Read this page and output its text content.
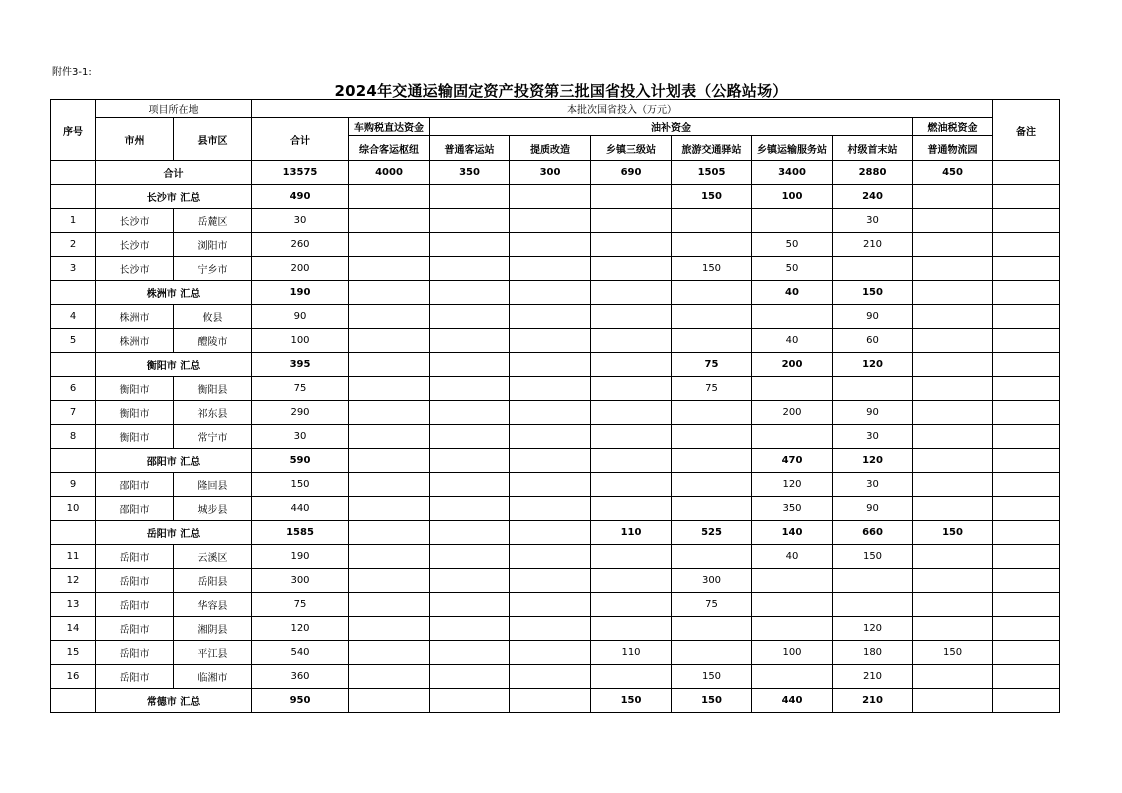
附件3-1:
2024年交通运输固定资产投资第三批国省投入计划表（公路站场）
序号	项目所在地		本批次国省投入（万元）									备注
	市州	县市区	合计	车购税直达资金	油补资金						燃油税资金	
				综合客运枢纽	普通客运站	提质改造	乡镇三级站	旅游交通驿站	乡镇运输服务站	村级首末站	普通物流园	
	合计		13575	4000	350	300	690	1505	3400	2880	450	
	长沙市 汇总		490					150	100	240		
1	长沙市	岳麓区	30							30		
2	长沙市	浏阳市	260						50	210		
3	长沙市	宁乡市	200					150	50			
	株洲市 汇总		190						40	150		
4	株洲市	攸县	90							90		
5	株洲市	醴陵市	100						40	60		
	衡阳市 汇总		395					75	200	120		
6	衡阳市	衡阳县	75					75				
7	衡阳市	祁东县	290						200	90		
8	衡阳市	常宁市	30							30		
	邵阳市 汇总		590						470	120		
9	邵阳市	隆回县	150						120	30		
10	邵阳市	城步县	440						350	90		
	岳阳市 汇总		1585				110	525	140	660	150	
11	岳阳市	云溪区	190						40	150		
12	岳阳市	岳阳县	300					300				
13	岳阳市	华容县	75					75				
14	岳阳市	湘阴县	120							120		
15	岳阳市	平江县	540				110		100	180	150	
16	岳阳市	临湘市	360					150		210		
	常德市 汇总		950				150	150	440	210		
